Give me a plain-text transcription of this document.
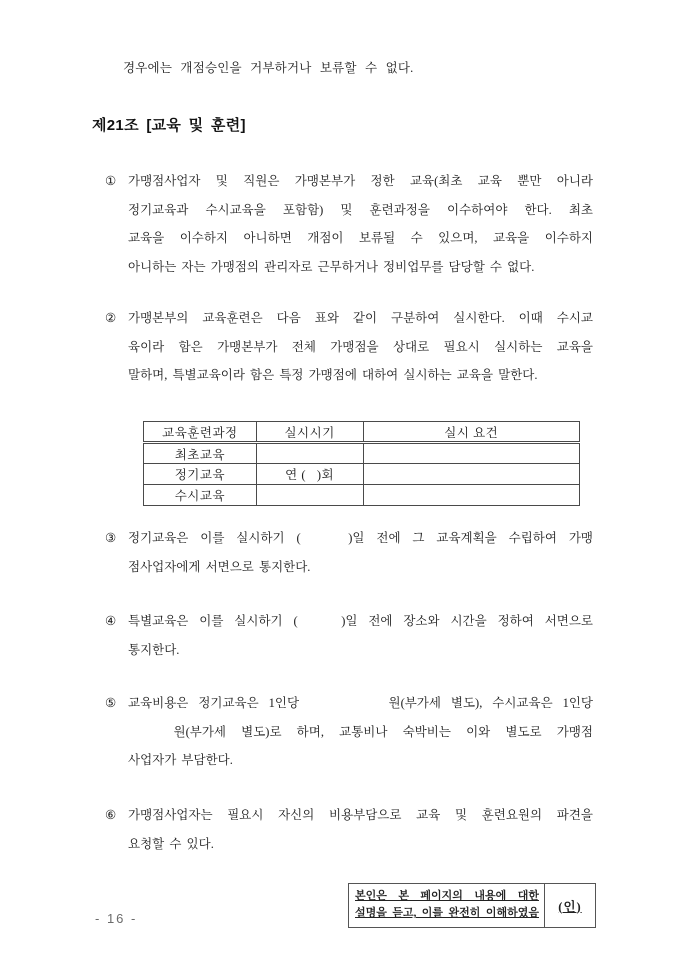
경우에는 개점승인을 거부하거나 보류할 수 없다.
제21조 [교육 및 훈련]
① 가맹점사업자 및 직원은 가맹본부가 정한 교육(최초 교육 뿐만 아니라
정기교육과 수시교육을 포함함) 및 훈련과정을 이수하여야 한다. 최초
교육을 이수하지 아니하면 개점이 보류될 수 있으며, 교육을 이수하지
아니하는 자는 가맹점의 관리자로 근무하거나 정비업무를 담당할 수 없다.
② 가맹본부의 교육훈련은 다음 표와 같이 구분하여 실시한다. 이때 수시교
육이라 함은 가맹본부가 전체 가맹점을 상대로 필요시 실시하는 교육을
말하며, 특별교육이라 함은 특정 가맹점에 대하여 실시하는 교육을 말한다.
교육훈련과정	실시시기	실시 요건
최초교육		
정기교육	연 (   )회	
수시교육		
③ 정기교육은 이를 실시하기 (    )일 전에 그 교육계획을 수립하여 가맹
점사업자에게 서면으로 통지한다.
④ 특별교육은 이를 실시하기 (    )일 전에 장소와 시간을 정하여 서면으로
통지한다.
⑤ 교육비용은 정기교육은 1인당         원(부가세 별도), 수시교육은 1인당
원(부가세 별도)로 하며, 교통비나 숙박비는 이와 별도로 가맹점
사업자가 부담한다.
⑥ 가맹점사업자는 필요시 자신의 비용부담으로 교육 및 훈련요원의 파견을
요청할 수 있다.
- 16 -
본인은 본 페이지의 내용에 대한
설명을 듣고, 이를 완전히 이해하였음	(인)
